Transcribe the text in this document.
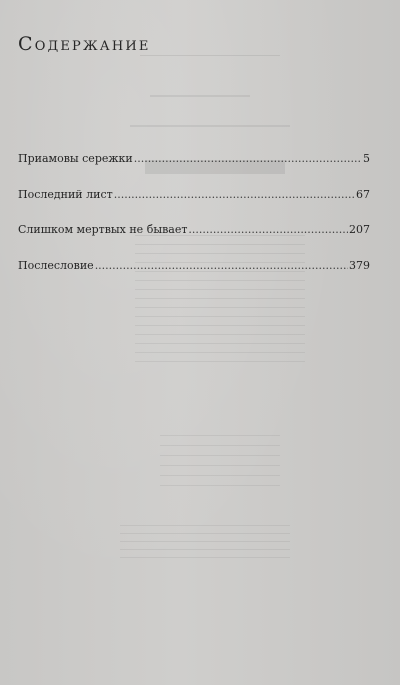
Содержание
Приамовы сережки .....	5
Последний лист .....	67
Слишком мертвых не бывает .....	207
Послесловие .....	379
